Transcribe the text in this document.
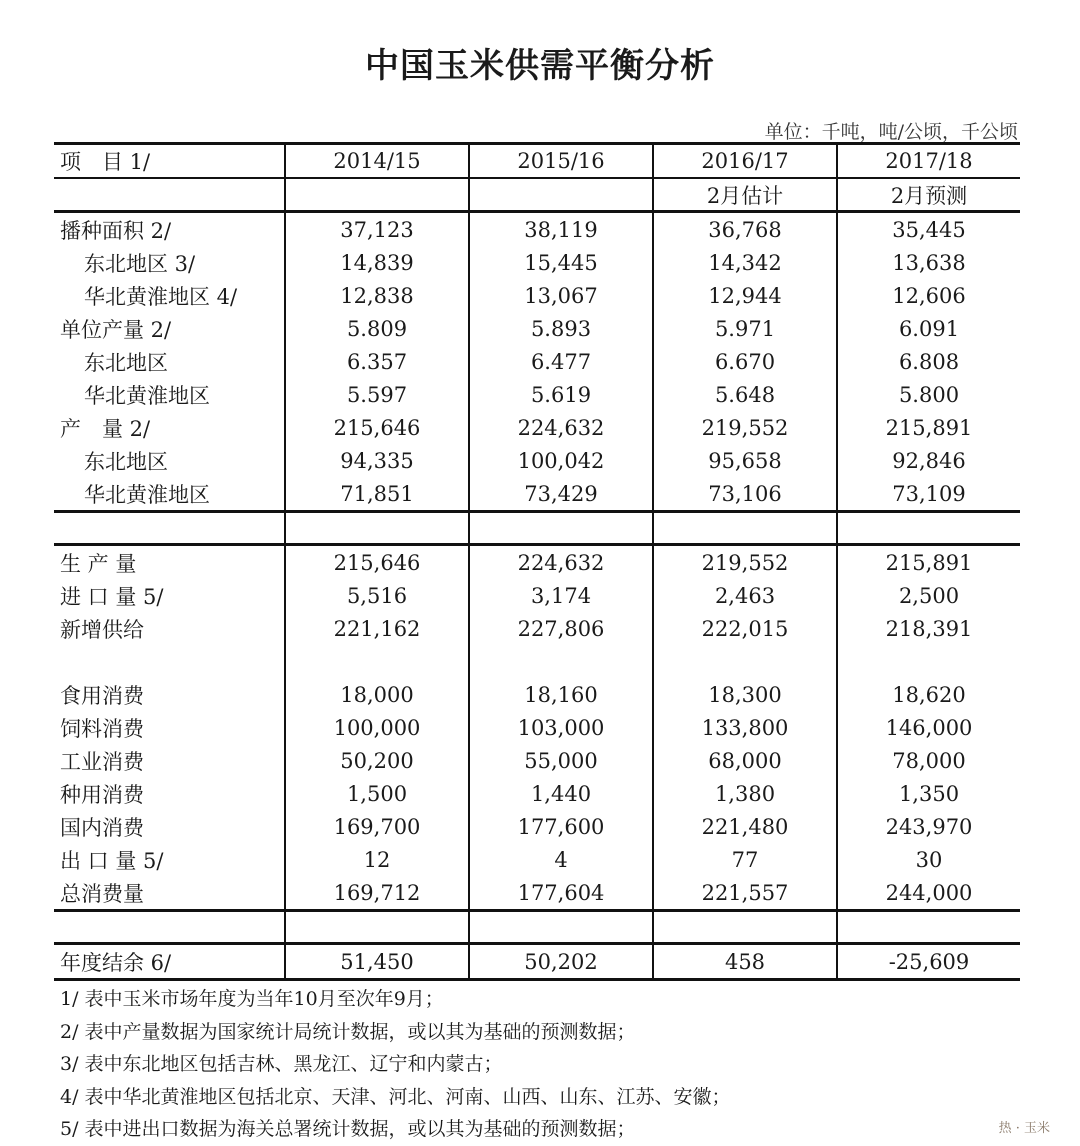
中国玉米供需平衡分析
单位：千吨，吨/公顷，千公顷
项　目 1/	2014/15	2015/16	2016/17	2017/18
			2月估计	2月预测
播种面积 2/	37,123	38,119	36,768	35,445
东北地区 3/	14,839	15,445	14,342	13,638
华北黄淮地区 4/	12,838	13,067	12,944	12,606
单位产量 2/	5.809	5.893	5.971	6.091
东北地区	6.357	6.477	6.670	6.808
华北黄淮地区	5.597	5.619	5.648	5.800
产　量 2/	215,646	224,632	219,552	215,891
东北地区	94,335	100,042	95,658	92,846
华北黄淮地区	71,851	73,429	73,106	73,109

生 产 量	215,646	224,632	219,552	215,891
进 口 量 5/	5,516	3,174	2,463	2,500
新增供给	221,162	227,806	222,015	218,391

食用消费	18,000	18,160	18,300	18,620
饲料消费	100,000	103,000	133,800	146,000
工业消费	50,200	55,000	68,000	78,000
种用消费	1,500	1,440	1,380	1,350
国内消费	169,700	177,600	221,480	243,970
出 口 量 5/	12	4	77	30
总消费量	169,712	177,604	221,557	244,000

年度结余 6/	51,450	50,202	458	-25,609
1/ 表中玉米市场年度为当年10月至次年9月；
2/ 表中产量数据为国家统计局统计数据，或以其为基础的预测数据；
3/ 表中东北地区包括吉林、黑龙江、辽宁和内蒙古；
4/ 表中华北黄淮地区包括北京、天津、河北、河南、山西、山东、江苏、安徽；
5/ 表中进出口数据为海关总署统计数据，或以其为基础的预测数据；	热 · 玉米
